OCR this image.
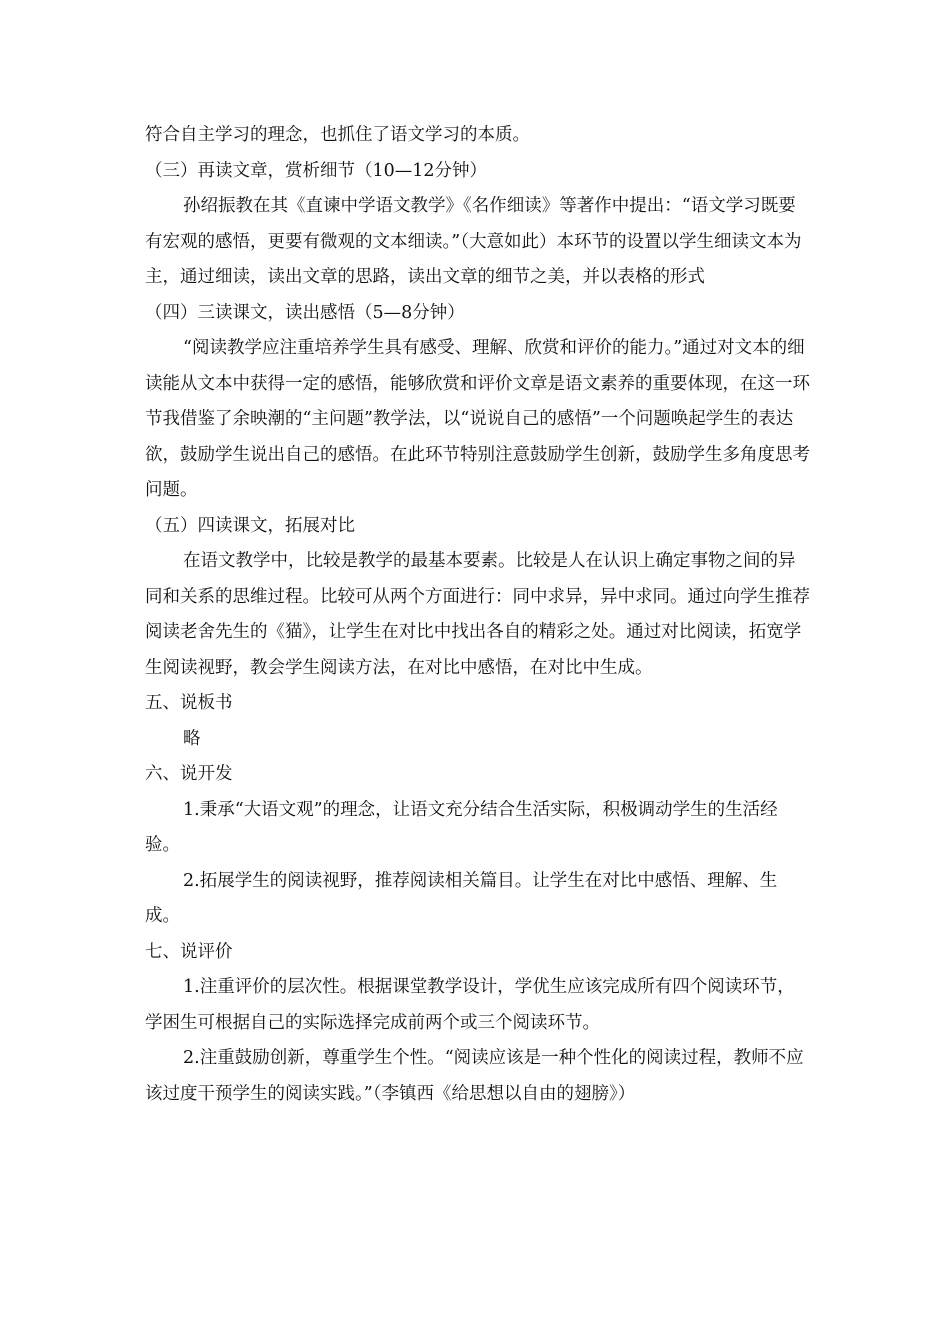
符合自主学习的理念，也抓住了语文学习的本质。

（三）再读文章，赏析细节（10—12分钟）

孙绍振教在其《直谏中学语文教学》《名作细读》等著作中提出：“语文学习既要有宏观的感悟，更要有微观的文本细读。”（大意如此）本环节的设置以学生细读文本为主，通过细读，读出文章的思路，读出文章的细节之美，并以表格的形式

（四）三读课文，读出感悟（5—8分钟）

“阅读教学应注重培养学生具有感受、理解、欣赏和评价的能力。”通过对文本的细读能从文本中获得一定的感悟，能够欣赏和评价文章是语文素养的重要体现，在这一环节我借鉴了余映潮的“主问题”教学法，以“说说自己的感悟”一个问题唤起学生的表达欲，鼓励学生说出自己的感悟。在此环节特别注意鼓励学生创新，鼓励学生多角度思考问题。

（五）四读课文，拓展对比

在语文教学中，比较是教学的最基本要素。比较是人在认识上确定事物之间的异同和关系的思维过程。比较可从两个方面进行：同中求异，异中求同。通过向学生推荐阅读老舍先生的《猫》，让学生在对比中找出各自的精彩之处。通过对比阅读，拓宽学生阅读视野，教会学生阅读方法，在对比中感悟，在对比中生成。

五、说板书

略

六、说开发

1.秉承“大语文观”的理念，让语文充分结合生活实际，积极调动学生的生活经验。

2.拓展学生的阅读视野，推荐阅读相关篇目。让学生在对比中感悟、理解、生成。

七、说评价

1.注重评价的层次性。根据课堂教学设计，学优生应该完成所有四个阅读环节，学困生可根据自己的实际选择完成前两个或三个阅读环节。

2.注重鼓励创新，尊重学生个性。“阅读应该是一种个性化的阅读过程，教师不应该过度干预学生的阅读实践。”（李镇西《给思想以自由的翅膀》）
